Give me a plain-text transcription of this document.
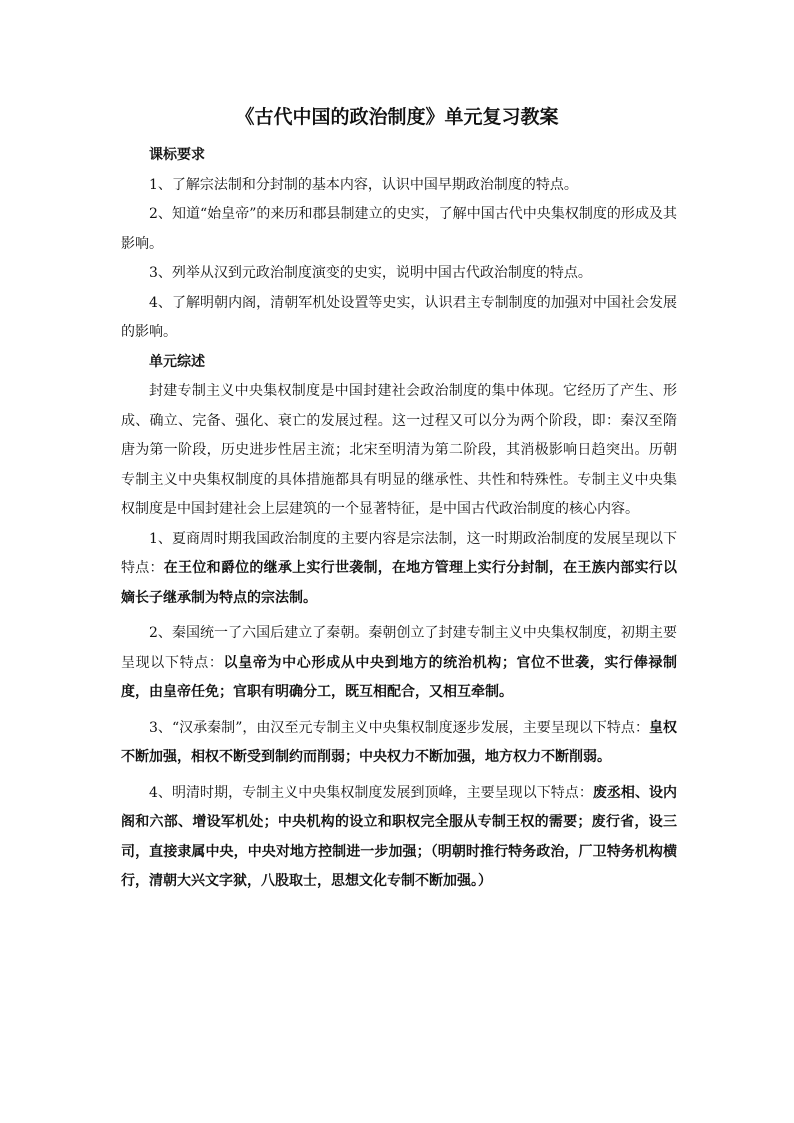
《古代中国的政治制度》单元复习教案

课标要求

1、了解宗法制和分封制的基本内容，认识中国早期政治制度的特点。

2、知道“始皇帝”的来历和郡县制建立的史实，了解中国古代中央集权制度的形成及其影响。

3、列举从汉到元政治制度演变的史实，说明中国古代政治制度的特点。

4、了解明朝内阁，清朝军机处设置等史实，认识君主专制制度的加强对中国社会发展的影响。

单元综述

封建专制主义中央集权制度是中国封建社会政治制度的集中体现。它经历了产生、形成、确立、完备、强化、衰亡的发展过程。这一过程又可以分为两个阶段，即：秦汉至隋唐为第一阶段，历史进步性居主流；北宋至明清为第二阶段，其消极影响日趋突出。历朝专制主义中央集权制度的具体措施都具有明显的继承性、共性和特殊性。专制主义中央集权制度是中国封建社会上层建筑的一个显著特征，是中国古代政治制度的核心内容。

1、夏商周时期我国政治制度的主要内容是宗法制，这一时期政治制度的发展呈现以下特点：在王位和爵位的继承上实行世袭制，在地方管理上实行分封制，在王族内部实行以嫡长子继承制为特点的宗法制。

2、秦国统一了六国后建立了秦朝。秦朝创立了封建专制主义中央集权制度，初期主要呈现以下特点：以皇帝为中心形成从中央到地方的统治机构；官位不世袭，实行俸禄制度，由皇帝任免；官职有明确分工，既互相配合，又相互牵制。

3、“汉承秦制”，由汉至元专制主义中央集权制度逐步发展，主要呈现以下特点：皇权不断加强，相权不断受到制约而削弱；中央权力不断加强，地方权力不断削弱。

4、明清时期，专制主义中央集权制度发展到顶峰，主要呈现以下特点：废丞相、设内阁和六部、增设军机处；中央机构的设立和职权完全服从专制王权的需要；废行省，设三司，直接隶属中央，中央对地方控制进一步加强；（明朝时推行特务政治，厂卫特务机构横行，清朝大兴文字狱，八股取士，思想文化专制不断加强。）
